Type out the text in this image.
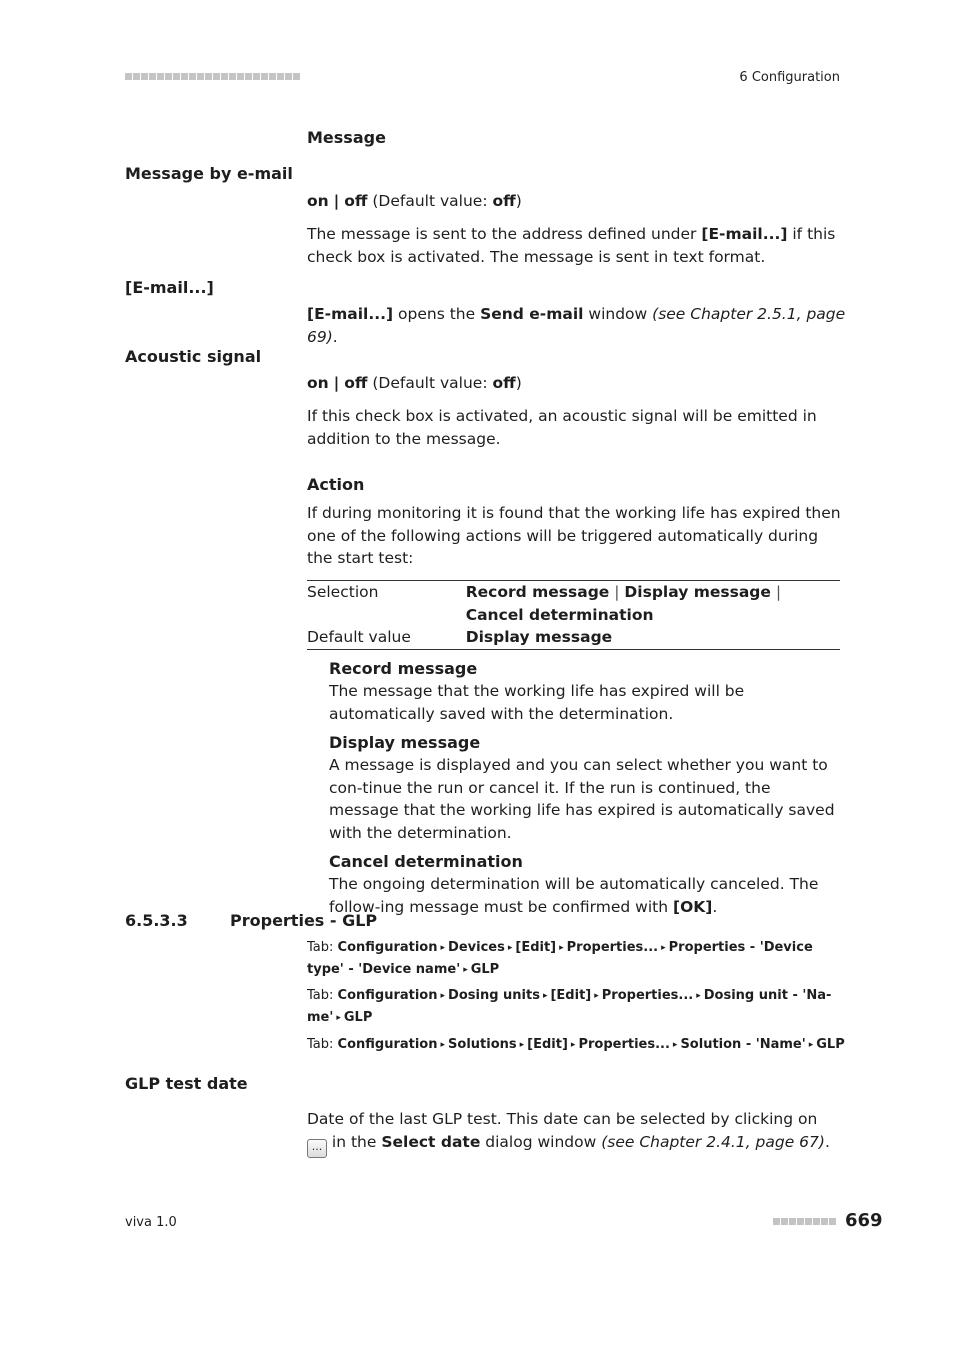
6 Configuration
Message
Message by e-mail
on | off (Default value: off)
The message is sent to the address defined under [E-mail...] if this check box is activated. The message is sent in text format.
[E-mail...]
[E-mail...] opens the Send e-mail window (see Chapter 2.5.1, page 69).
Acoustic signal
on | off (Default value: off)
If this check box is activated, an acoustic signal will be emitted in addition to the message.
Action
If during monitoring it is found that the working life has expired then one of the following actions will be triggered automatically during the start test:
Selection	Record message | Display message | Cancel determination
Default value	Display message
Record message
The message that the working life has expired will be automatically saved with the determination.
Display message
A message is displayed and you can select whether you want to con-tinue the run or cancel it. If the run is continued, the message that the working life has expired is automatically saved with the determination.
Cancel determination
The ongoing determination will be automatically canceled. The follow-ing message must be confirmed with [OK].
6.5.3.3	Properties - GLP
Tab: Configuration ▸ Devices ▸ [Edit] ▸ Properties... ▸ Properties - 'Device type' - 'Device name' ▸ GLP
Tab: Configuration ▸ Dosing units ▸ [Edit] ▸ Properties... ▸ Dosing unit - 'Na-me' ▸ GLP
Tab: Configuration ▸ Solutions ▸ [Edit] ▸ Properties... ▸ Solution - 'Name' ▸ GLP
GLP test date
Date of the last GLP test. This date can be selected by clicking on ... in the Select date dialog window (see Chapter 2.4.1, page 67).
viva 1.0	669
